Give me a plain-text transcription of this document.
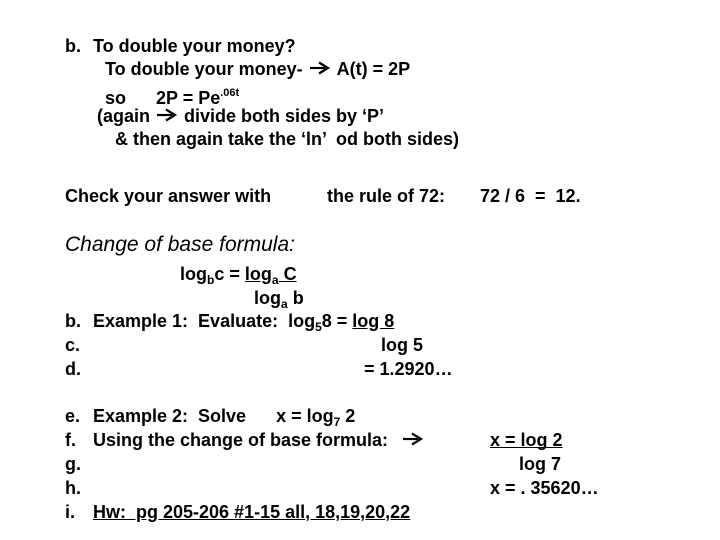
b. To double your money?
To double your money- A(t) = 2P
so      $2P = Pe^{.06t}$
(again divide both sides by ‘P’
& then again take the ‘ln’  od both sides)
Check your answer with	the rule of 72: 72 / 6  =  12.
Change of base formula:
$\log_bc = \log_a C$
$\log_a b$
b. Example 1:  Evaluate:  $\log_58 = \log 8$
c.	log 5
d.	= 1.2920…
e. Example 2:  Solve      $x = \log_7 2$
f. Using the change of base formula:	x = log 2
g.	log 7
h.	x = . 35620…
i. Hw:  pg 205-206 #1-15 all, 18,19,20,22
